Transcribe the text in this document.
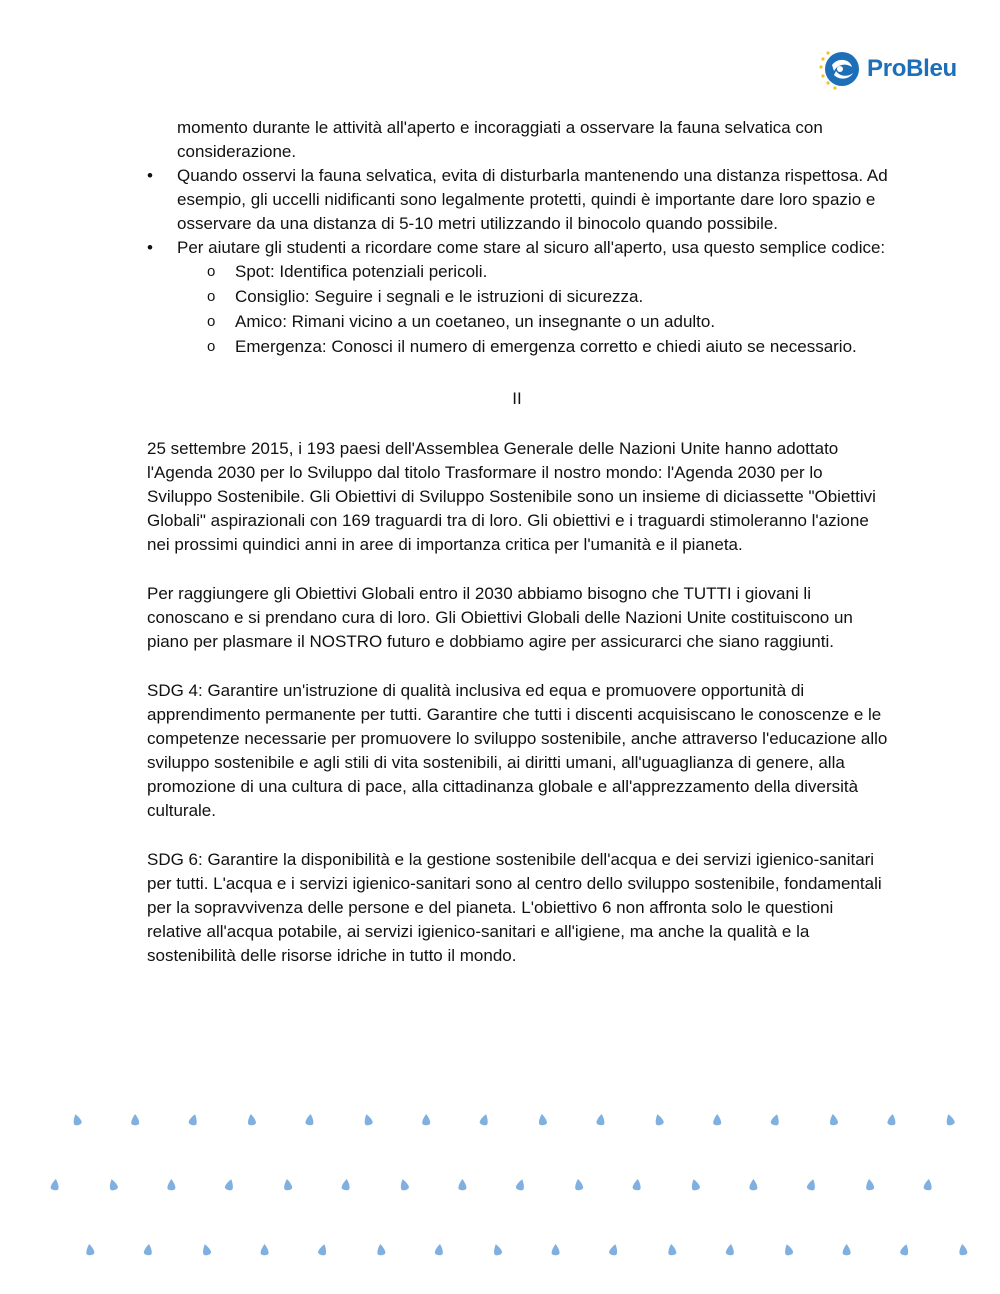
ProBleu
momento durante le attività all'aperto e incoraggiati a osservare la fauna selvatica con
considerazione.
• Quando osservi la fauna selvatica, evita di disturbarla mantenendo una distanza rispettosa. Ad esempio, gli uccelli nidificanti sono legalmente protetti, quindi è importante dare loro spazio e osservare da una distanza di 5-10 metri utilizzando il binocolo quando possibile.
• Per aiutare gli studenti a ricordare come stare al sicuro all'aperto, usa questo semplice codice:
o Spot: Identifica potenziali pericoli.
o Consiglio: Seguire i segnali e le istruzioni di sicurezza.
o Amico: Rimani vicino a un coetaneo, un insegnante o un adulto.
o Emergenza: Conosci il numero di emergenza corretto e chiedi aiuto se necessario.
II

25 settembre 2015, i 193 paesi dell'Assemblea Generale delle Nazioni Unite hanno adottato l'Agenda 2030 per lo Sviluppo dal titolo Trasformare il nostro mondo: l'Agenda 2030 per lo Sviluppo Sostenibile. Gli Obiettivi di Sviluppo Sostenibile sono un insieme di diciassette "Obiettivi Globali" aspirazionali con 169 traguardi tra di loro. Gli obiettivi e i traguardi stimoleranno l'azione nei prossimi quindici anni in aree di importanza critica per l'umanità e il pianeta.

Per raggiungere gli Obiettivi Globali entro il 2030 abbiamo bisogno che TUTTI i giovani li conoscano e si prendano cura di loro. Gli Obiettivi Globali delle Nazioni Unite costituiscono un piano per plasmare il NOSTRO futuro e dobbiamo agire per assicurarci che siano raggiunti.

SDG 4: Garantire un'istruzione di qualità inclusiva ed equa e promuovere opportunità di apprendimento permanente per tutti. Garantire che tutti i discenti acquisiscano le conoscenze e le competenze necessarie per promuovere lo sviluppo sostenibile, anche attraverso l'educazione allo sviluppo sostenibile e agli stili di vita sostenibili, ai diritti umani, all'uguaglianza di genere, alla promozione di una cultura di pace, alla cittadinanza globale e all'apprezzamento della diversità culturale.

SDG 6: Garantire la disponibilità e la gestione sostenibile dell'acqua e dei servizi igienico-sanitari per tutti. L'acqua e i servizi igienico-sanitari sono al centro dello sviluppo sostenibile, fondamentali per la sopravvivenza delle persone e del pianeta. L'obiettivo 6 non affronta solo le questioni relative all'acqua potabile, ai servizi igienico-sanitari e all'igiene, ma anche la qualità e la sostenibilità delle risorse idriche in tutto il mondo.
